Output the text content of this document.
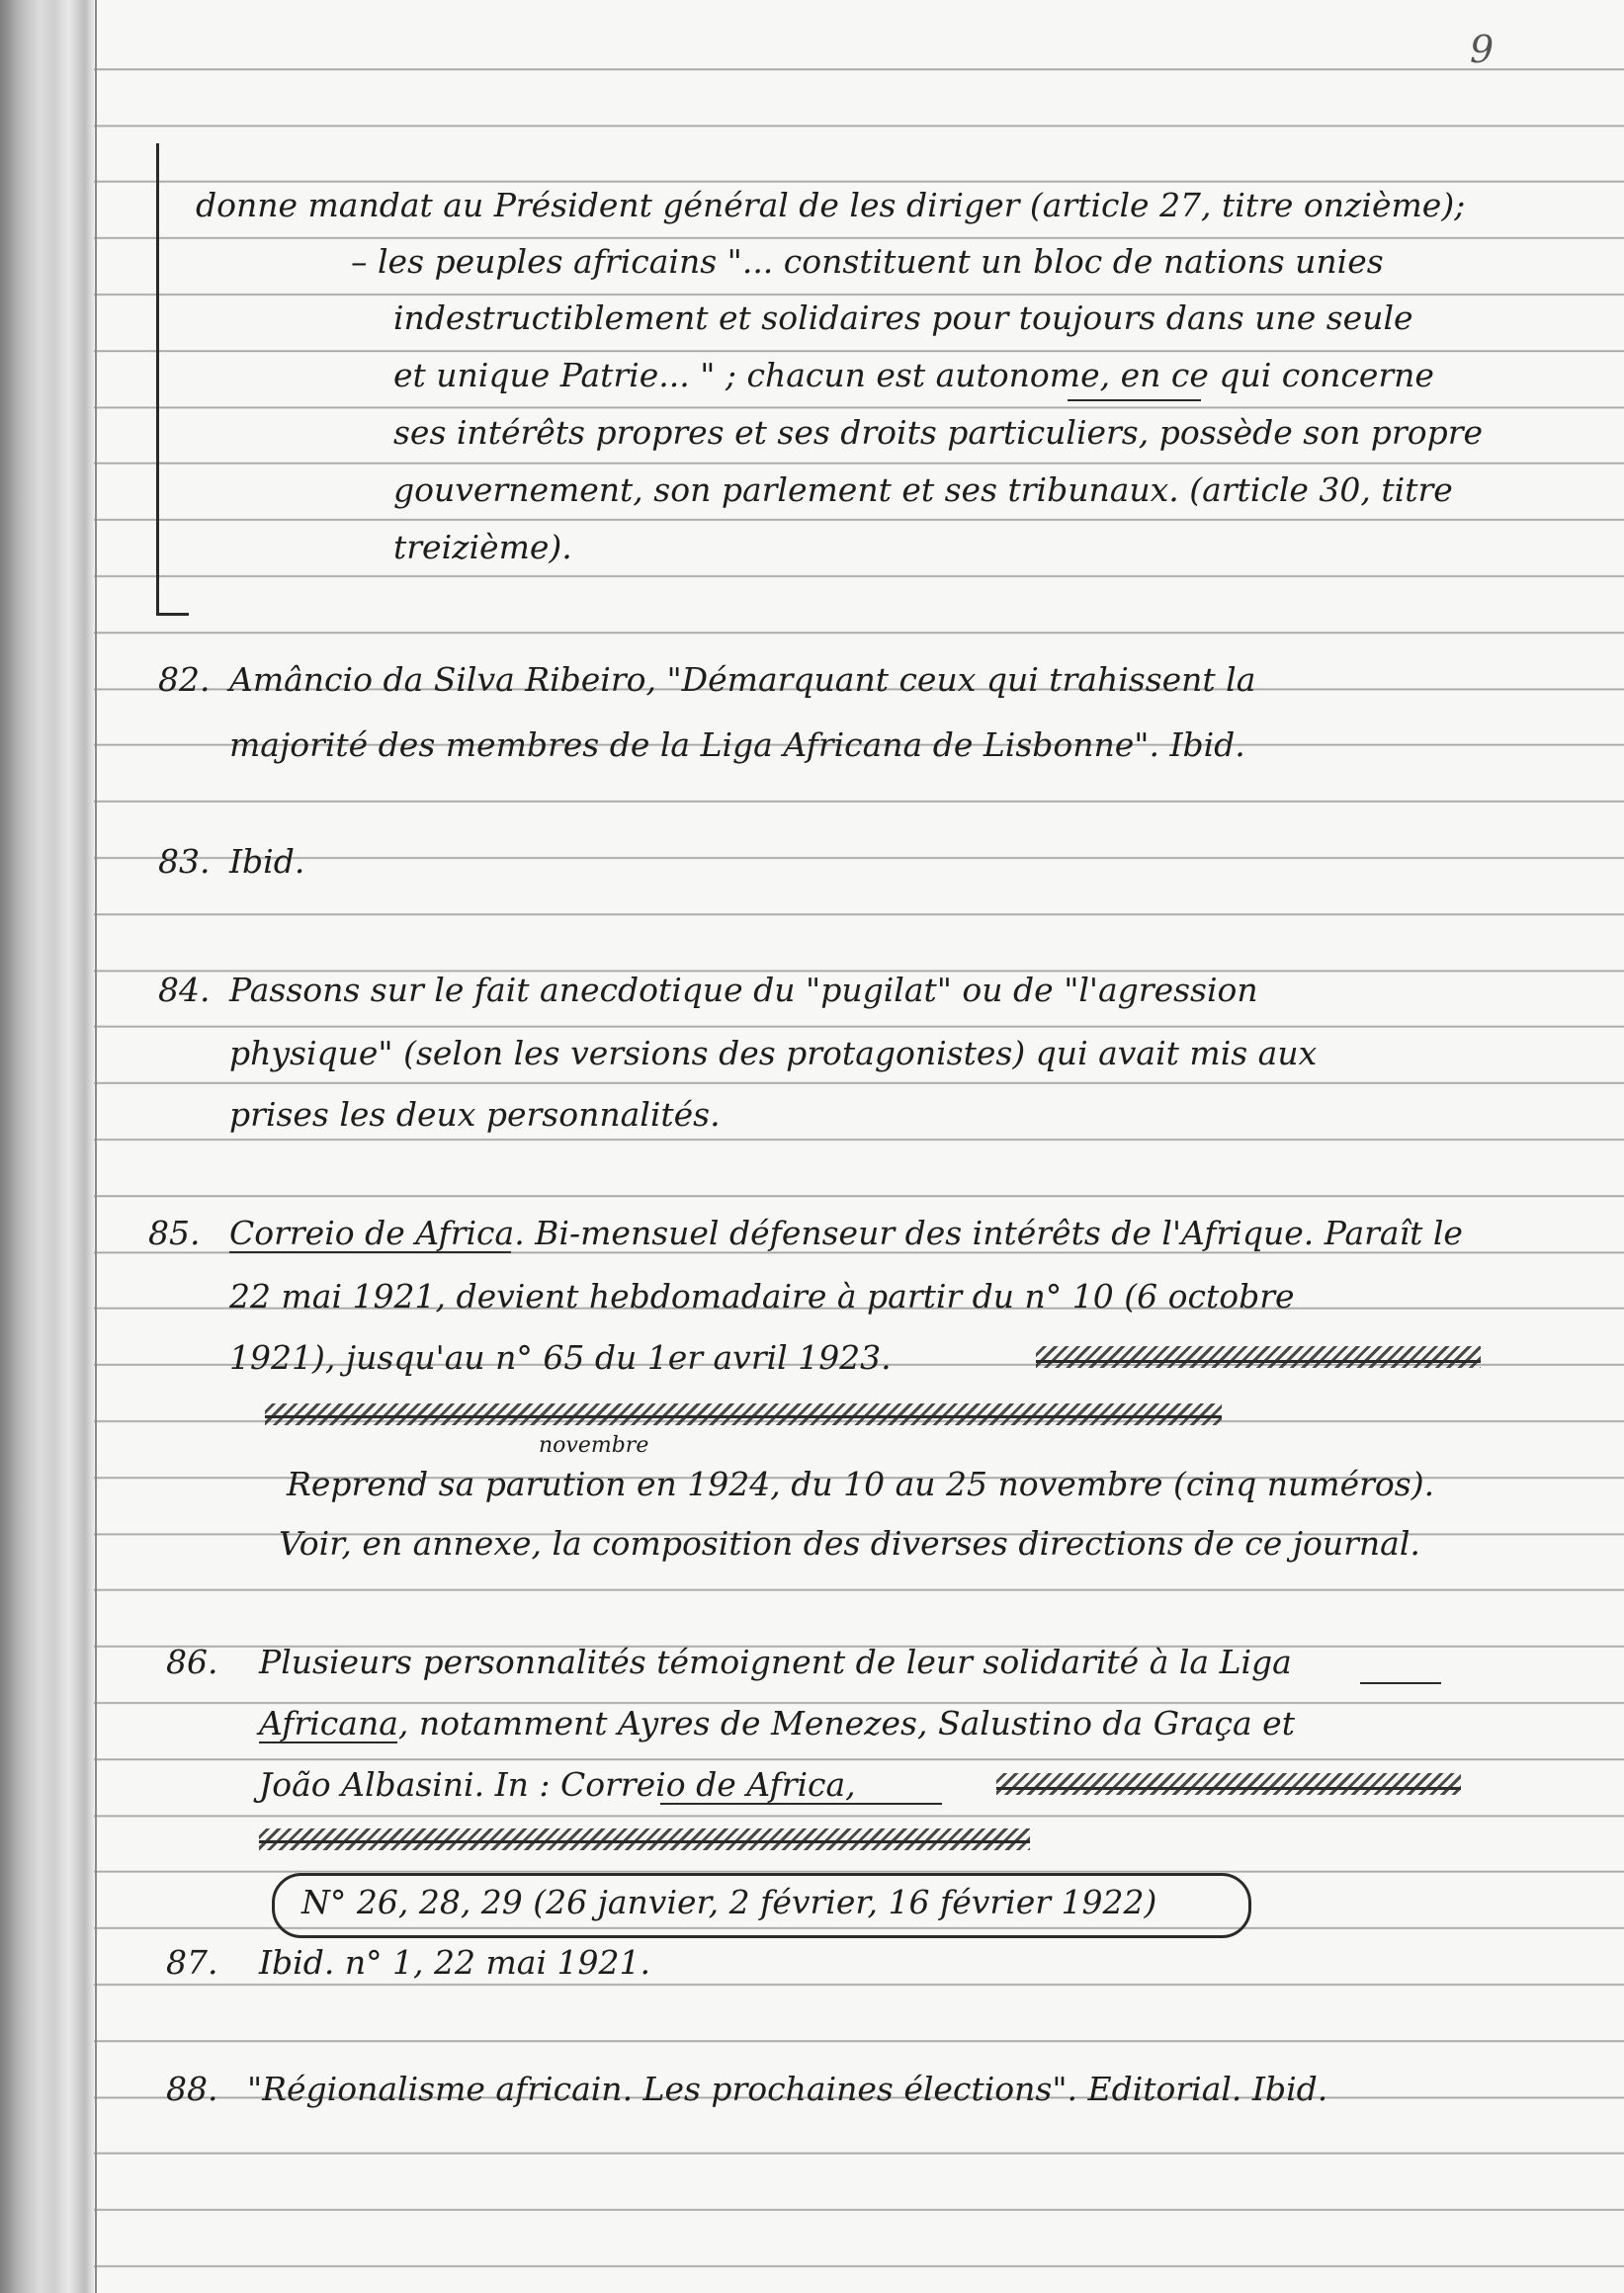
9
donne mandat au Président général de les diriger (article 27, titre onzième);
– les peuples africains "... constituent un bloc de nations unies
indestructiblement et solidaires pour toujours dans une seule
et unique Patrie... " ; chacun est autonome, en ce qui concerne
ses intérêts propres et ses droits particuliers, possède son propre
gouvernement, son parlement et ses tribunaux. (article 30, titre
treizième).
82. Amâncio da Silva Ribeiro, "Démarquant ceux qui trahissent la
majorité des membres de la Liga Africana de Lisbonne". Ibid.
83. Ibid.
84. Passons sur le fait anecdotique du "pugilat" ou de "l'agression
physique" (selon les versions des protagonistes) qui avait mis aux
prises les deux personnalités.
85. Correio de Africa. Bi-mensuel défenseur des intérêts de l'Afrique. Paraît le
22 mai 1921, devient hebdomadaire à partir du n° 10 (6 octobre
1921), jusqu'au n° 65 du 1er avril 1923.
novembre
Reprend sa parution en 1924, du 10 au 25 novembre (cinq numéros).
Voir, en annexe, la composition des diverses directions de ce journal.
86. Plusieurs personnalités témoignent de leur solidarité à la Liga
Africana, notamment Ayres de Menezes, Salustino da Graça et
João Albasini. In : Correio de Africa,
N° 26, 28, 29 (26 janvier, 2 février, 16 février 1922)
87. Ibid. n° 1, 22 mai 1921.
88. "Régionalisme africain. Les prochaines élections". Editorial. Ibid.
